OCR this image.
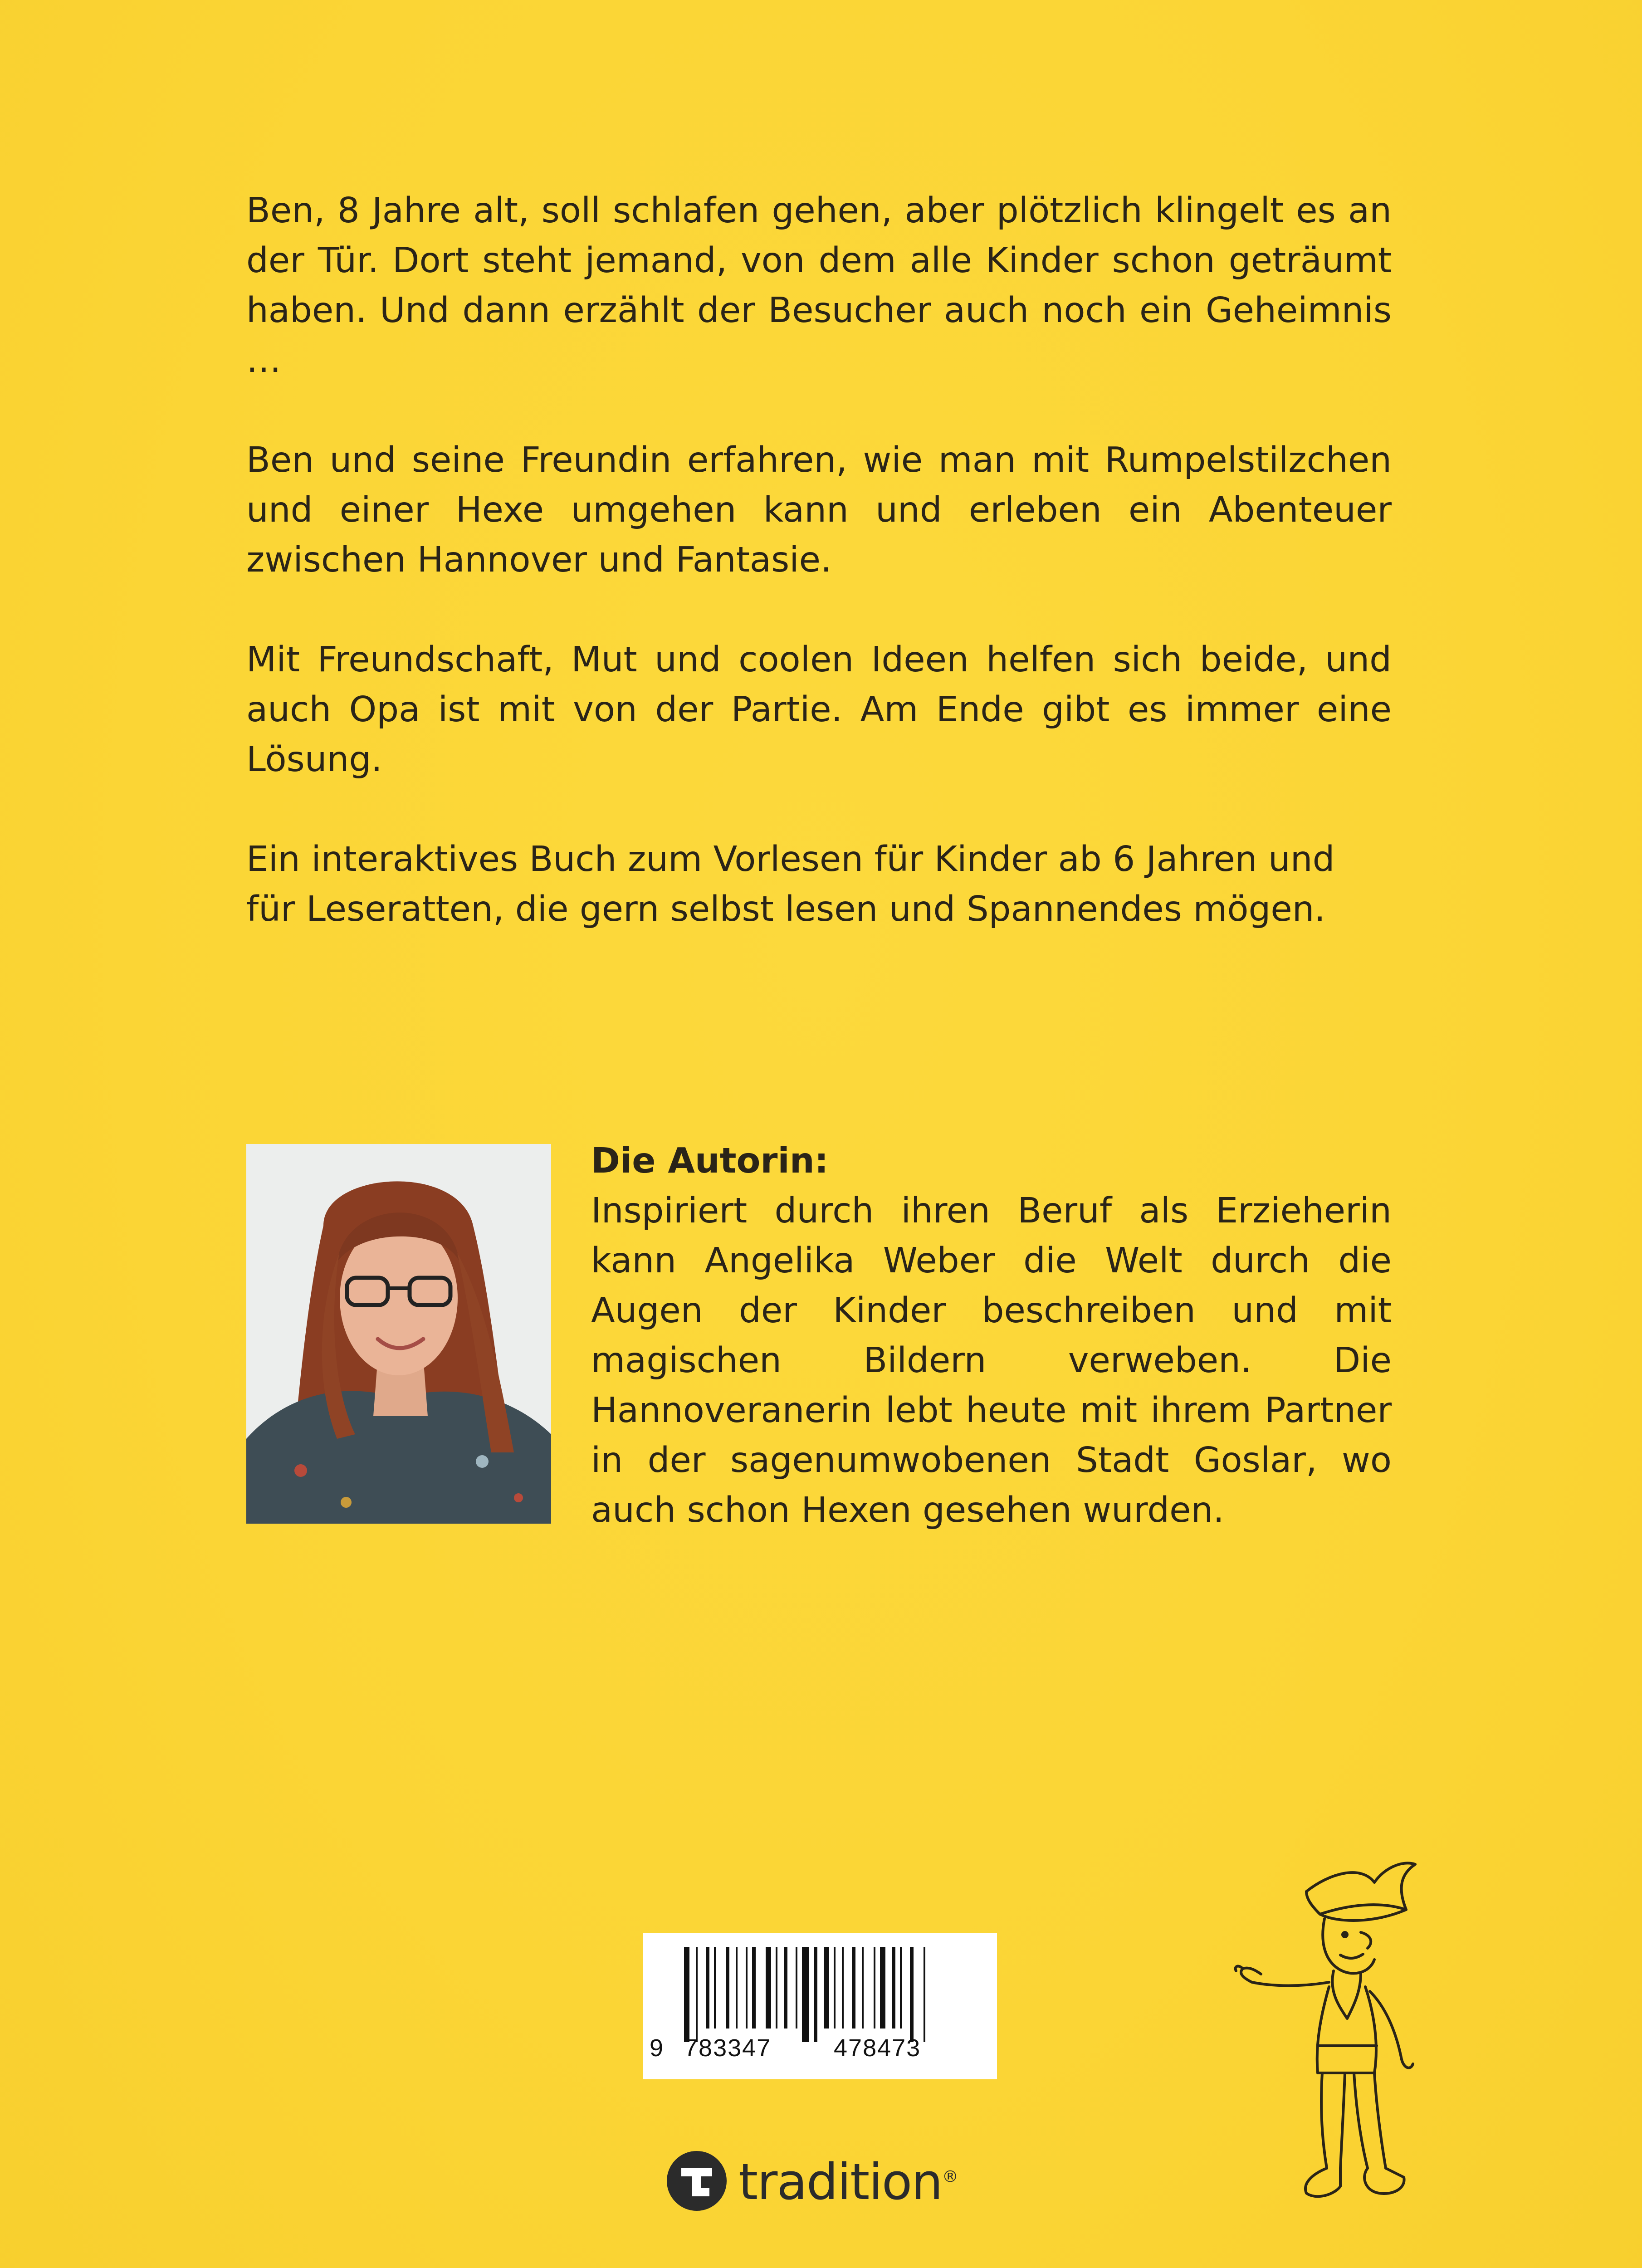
Ben, 8 Jahre alt, soll schlafen gehen, aber plötzlich klingelt es an der Tür. Dort steht jemand, von dem alle Kinder schon geträumt haben. Und dann erzählt der Besucher auch noch ein Geheimnis …

Ben und seine Freundin erfahren, wie man mit Rumpelstilzchen und einer Hexe umgehen kann und erleben ein Abenteuer zwischen Hannover und Fantasie.

Mit Freundschaft, Mut und coolen Ideen helfen sich beide, und auch Opa ist mit von der Partie. Am Ende gibt es immer eine Lösung.

Ein interaktives Buch zum Vorlesen für Kinder ab 6 Jahren und für Leseratten, die gern selbst lesen und Spannendes mögen.

Die Autorin:

Inspiriert durch ihren Beruf als Erzieherin kann Angelika Weber die Welt durch die Augen der Kinder beschreiben und mit magischen Bildern verweben. Die Hannoveranerin lebt heute mit ihrem Partner in der sagenumwobenen Stadt Goslar, wo auch schon Hexen gesehen wurden.

9 783347	478473
tradition®
